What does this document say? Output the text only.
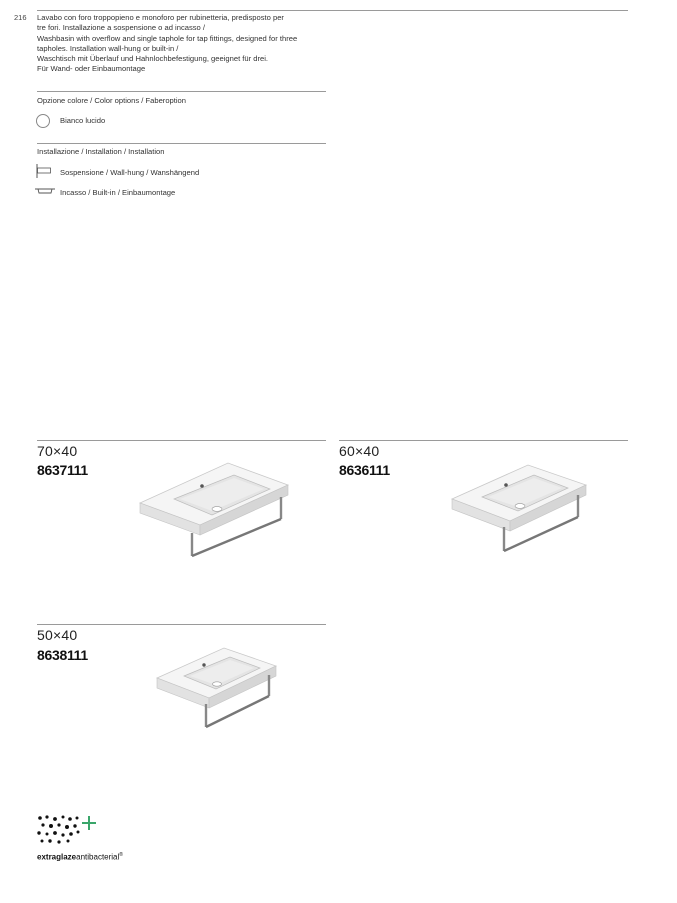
216 Lavabo con foro troppopieno e monoforo per rubinetteria, predisposto per
tre fori. Installazione a sospensione o ad incasso /
Washbasin with overflow and single taphole for tap fittings, designed for three
tapholes. Installation wall-hung or built-in /
Waschtisch mit Überlauf und Hahnlochbefestigung, geeignet für drei.
Für Wand- oder Einbaumontage
Opzione colore / Color options / Faberoption
Bianco lucido
Installazione / Installation / Installation
Sospensione / Wall-hung / Wanshängend
Incasso / Built-in / Einbaumontage
70×40
8637111
60×40
8636111
50×40
8638111
extraglazeantibacterial®
